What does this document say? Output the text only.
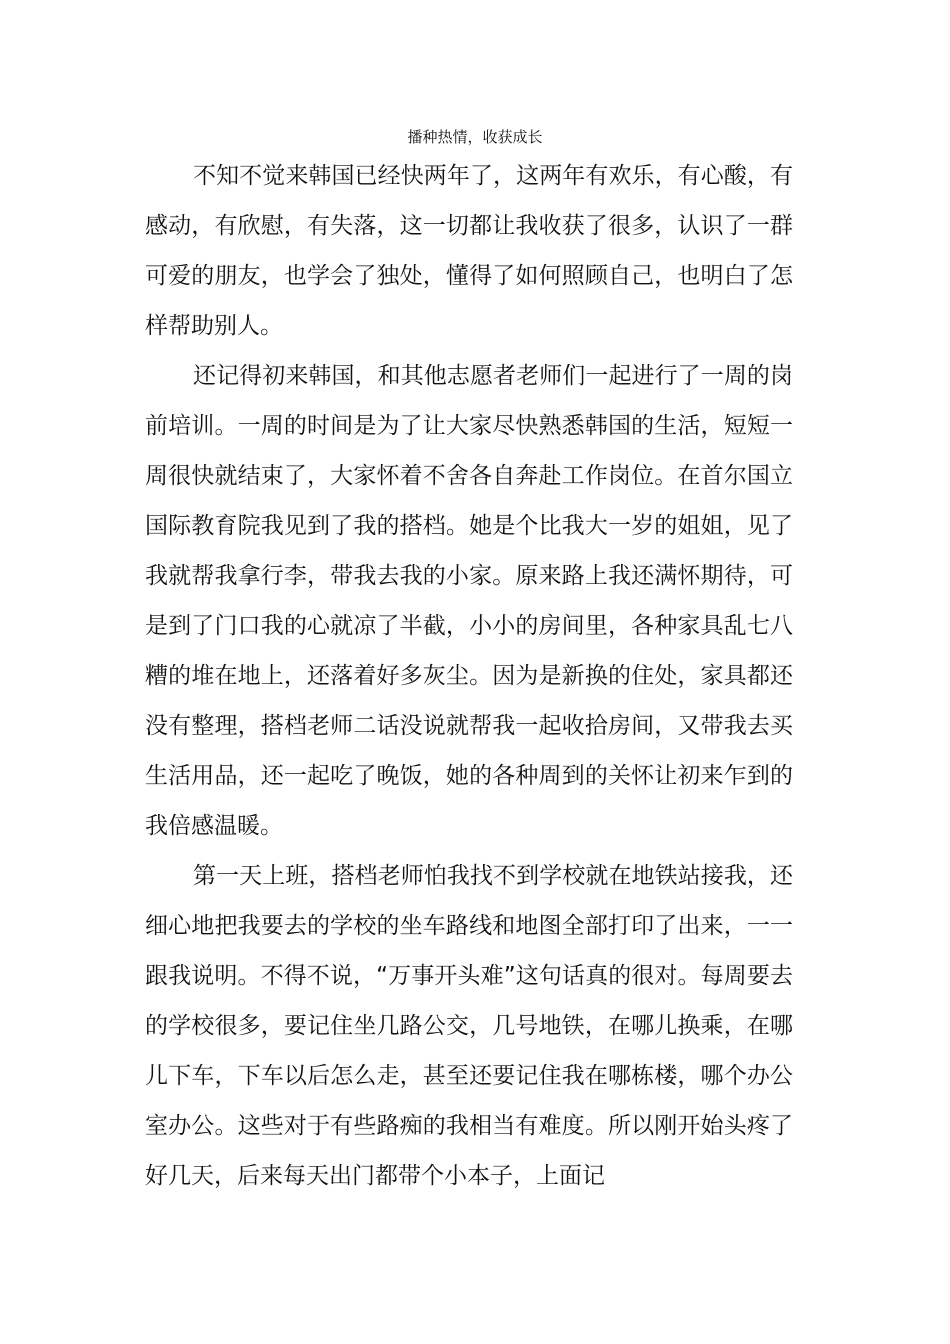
播种热情，收获成长

不知不觉来韩国已经快两年了，这两年有欢乐，有心酸，有感动，有欣慰，有失落，这一切都让我收获了很多，认识了一群可爱的朋友，也学会了独处，懂得了如何照顾自己，也明白了怎样帮助别人。

还记得初来韩国，和其他志愿者老师们一起进行了一周的岗前培训。一周的时间是为了让大家尽快熟悉韩国的生活，短短一周很快就结束了，大家怀着不舍各自奔赴工作岗位。在首尔国立国际教育院我见到了我的搭档。她是个比我大一岁的姐姐，见了我就帮我拿行李，带我去我的小家。原来路上我还满怀期待，可是到了门口我的心就凉了半截，小小的房间里，各种家具乱七八糟的堆在地上，还落着好多灰尘。因为是新换的住处，家具都还没有整理，搭档老师二话没说就帮我一起收拾房间，又带我去买生活用品，还一起吃了晚饭，她的各种周到的关怀让初来乍到的我倍感温暖。

第一天上班，搭档老师怕我找不到学校就在地铁站接我，还细心地把我要去的学校的坐车路线和地图全部打印了出来，一一跟我说明。不得不说，“万事开头难”这句话真的很对。每周要去的学校很多，要记住坐几路公交，几号地铁，在哪儿换乘，在哪儿下车，下车以后怎么走，甚至还要记住我在哪栋楼，哪个办公室办公。这些对于有些路痴的我相当有难度。所以刚开始头疼了好几天，后来每天出门都带个小本子，上面记
